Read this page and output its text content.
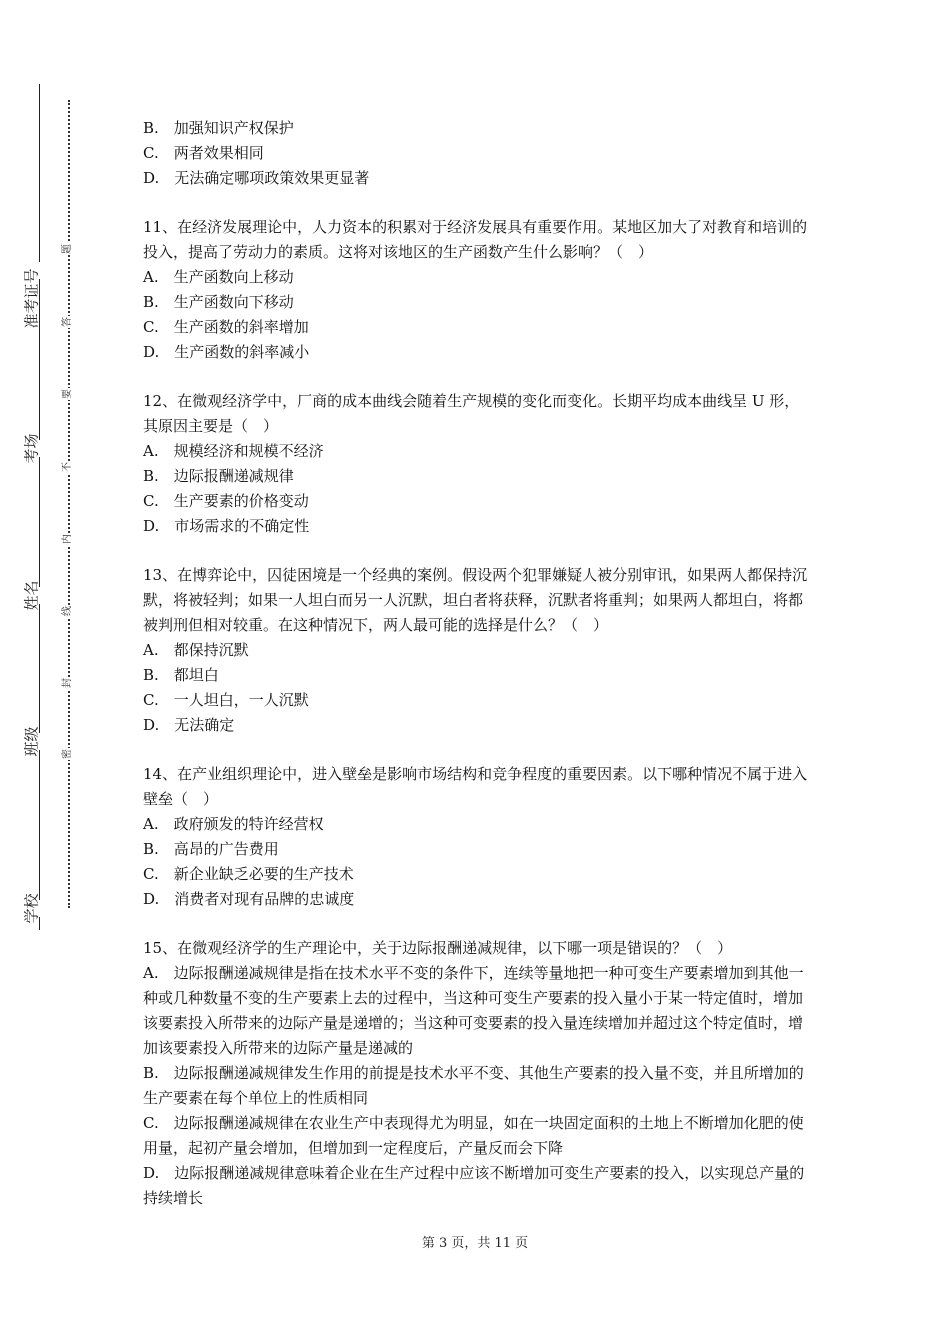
准考证号
考场
姓名
班级
学校
题
答
要
不
内
线
封
密

B.　加强知识产权保护

C.　两者效果相同

D.　无法确定哪项政策效果更显著

11、在经济发展理论中，人力资本的积累对于经济发展具有重要作用。某地区加大了对教育和培训的投入，提高了劳动力的素质。这将对该地区的生产函数产生什么影响？（　）

A.　生产函数向上移动

B.　生产函数向下移动

C.　生产函数的斜率增加

D.　生产函数的斜率减小

12、在微观经济学中，厂商的成本曲线会随着生产规模的变化而变化。长期平均成本曲线呈 U 形，其原因主要是（　）

A.　规模经济和规模不经济

B.　边际报酬递减规律

C.　生产要素的价格变动

D.　市场需求的不确定性

13、在博弈论中，囚徒困境是一个经典的案例。假设两个犯罪嫌疑人被分别审讯，如果两人都保持沉默，将被轻判；如果一人坦白而另一人沉默，坦白者将获释，沉默者将重判；如果两人都坦白，将都被判刑但相对较重。在这种情况下，两人最可能的选择是什么？（　）

A.　都保持沉默

B.　都坦白

C.　一人坦白，一人沉默

D.　无法确定

14、在产业组织理论中，进入壁垒是影响市场结构和竞争程度的重要因素。以下哪种情况不属于进入壁垒（　）

A.　政府颁发的特许经营权

B.　高昂的广告费用

C.　新企业缺乏必要的生产技术

D.　消费者对现有品牌的忠诚度

15、在微观经济学的生产理论中，关于边际报酬递减规律，以下哪一项是错误的？（　）

A.　边际报酬递减规律是指在技术水平不变的条件下，连续等量地把一种可变生产要素增加到其他一种或几种数量不变的生产要素上去的过程中，当这种可变生产要素的投入量小于某一特定值时，增加该要素投入所带来的边际产量是递增的；当这种可变要素的投入量连续增加并超过这个特定值时，增加该要素投入所带来的边际产量是递减的

B.　边际报酬递减规律发生作用的前提是技术水平不变、其他生产要素的投入量不变，并且所增加的生产要素在每个单位上的性质相同

C.　边际报酬递减规律在农业生产中表现得尤为明显，如在一块固定面积的土地上不断增加化肥的使用量，起初产量会增加，但增加到一定程度后，产量反而会下降

D.　边际报酬递减规律意味着企业在生产过程中应该不断增加可变生产要素的投入，以实现总产量的持续增长

第 3 页，共 11 页
